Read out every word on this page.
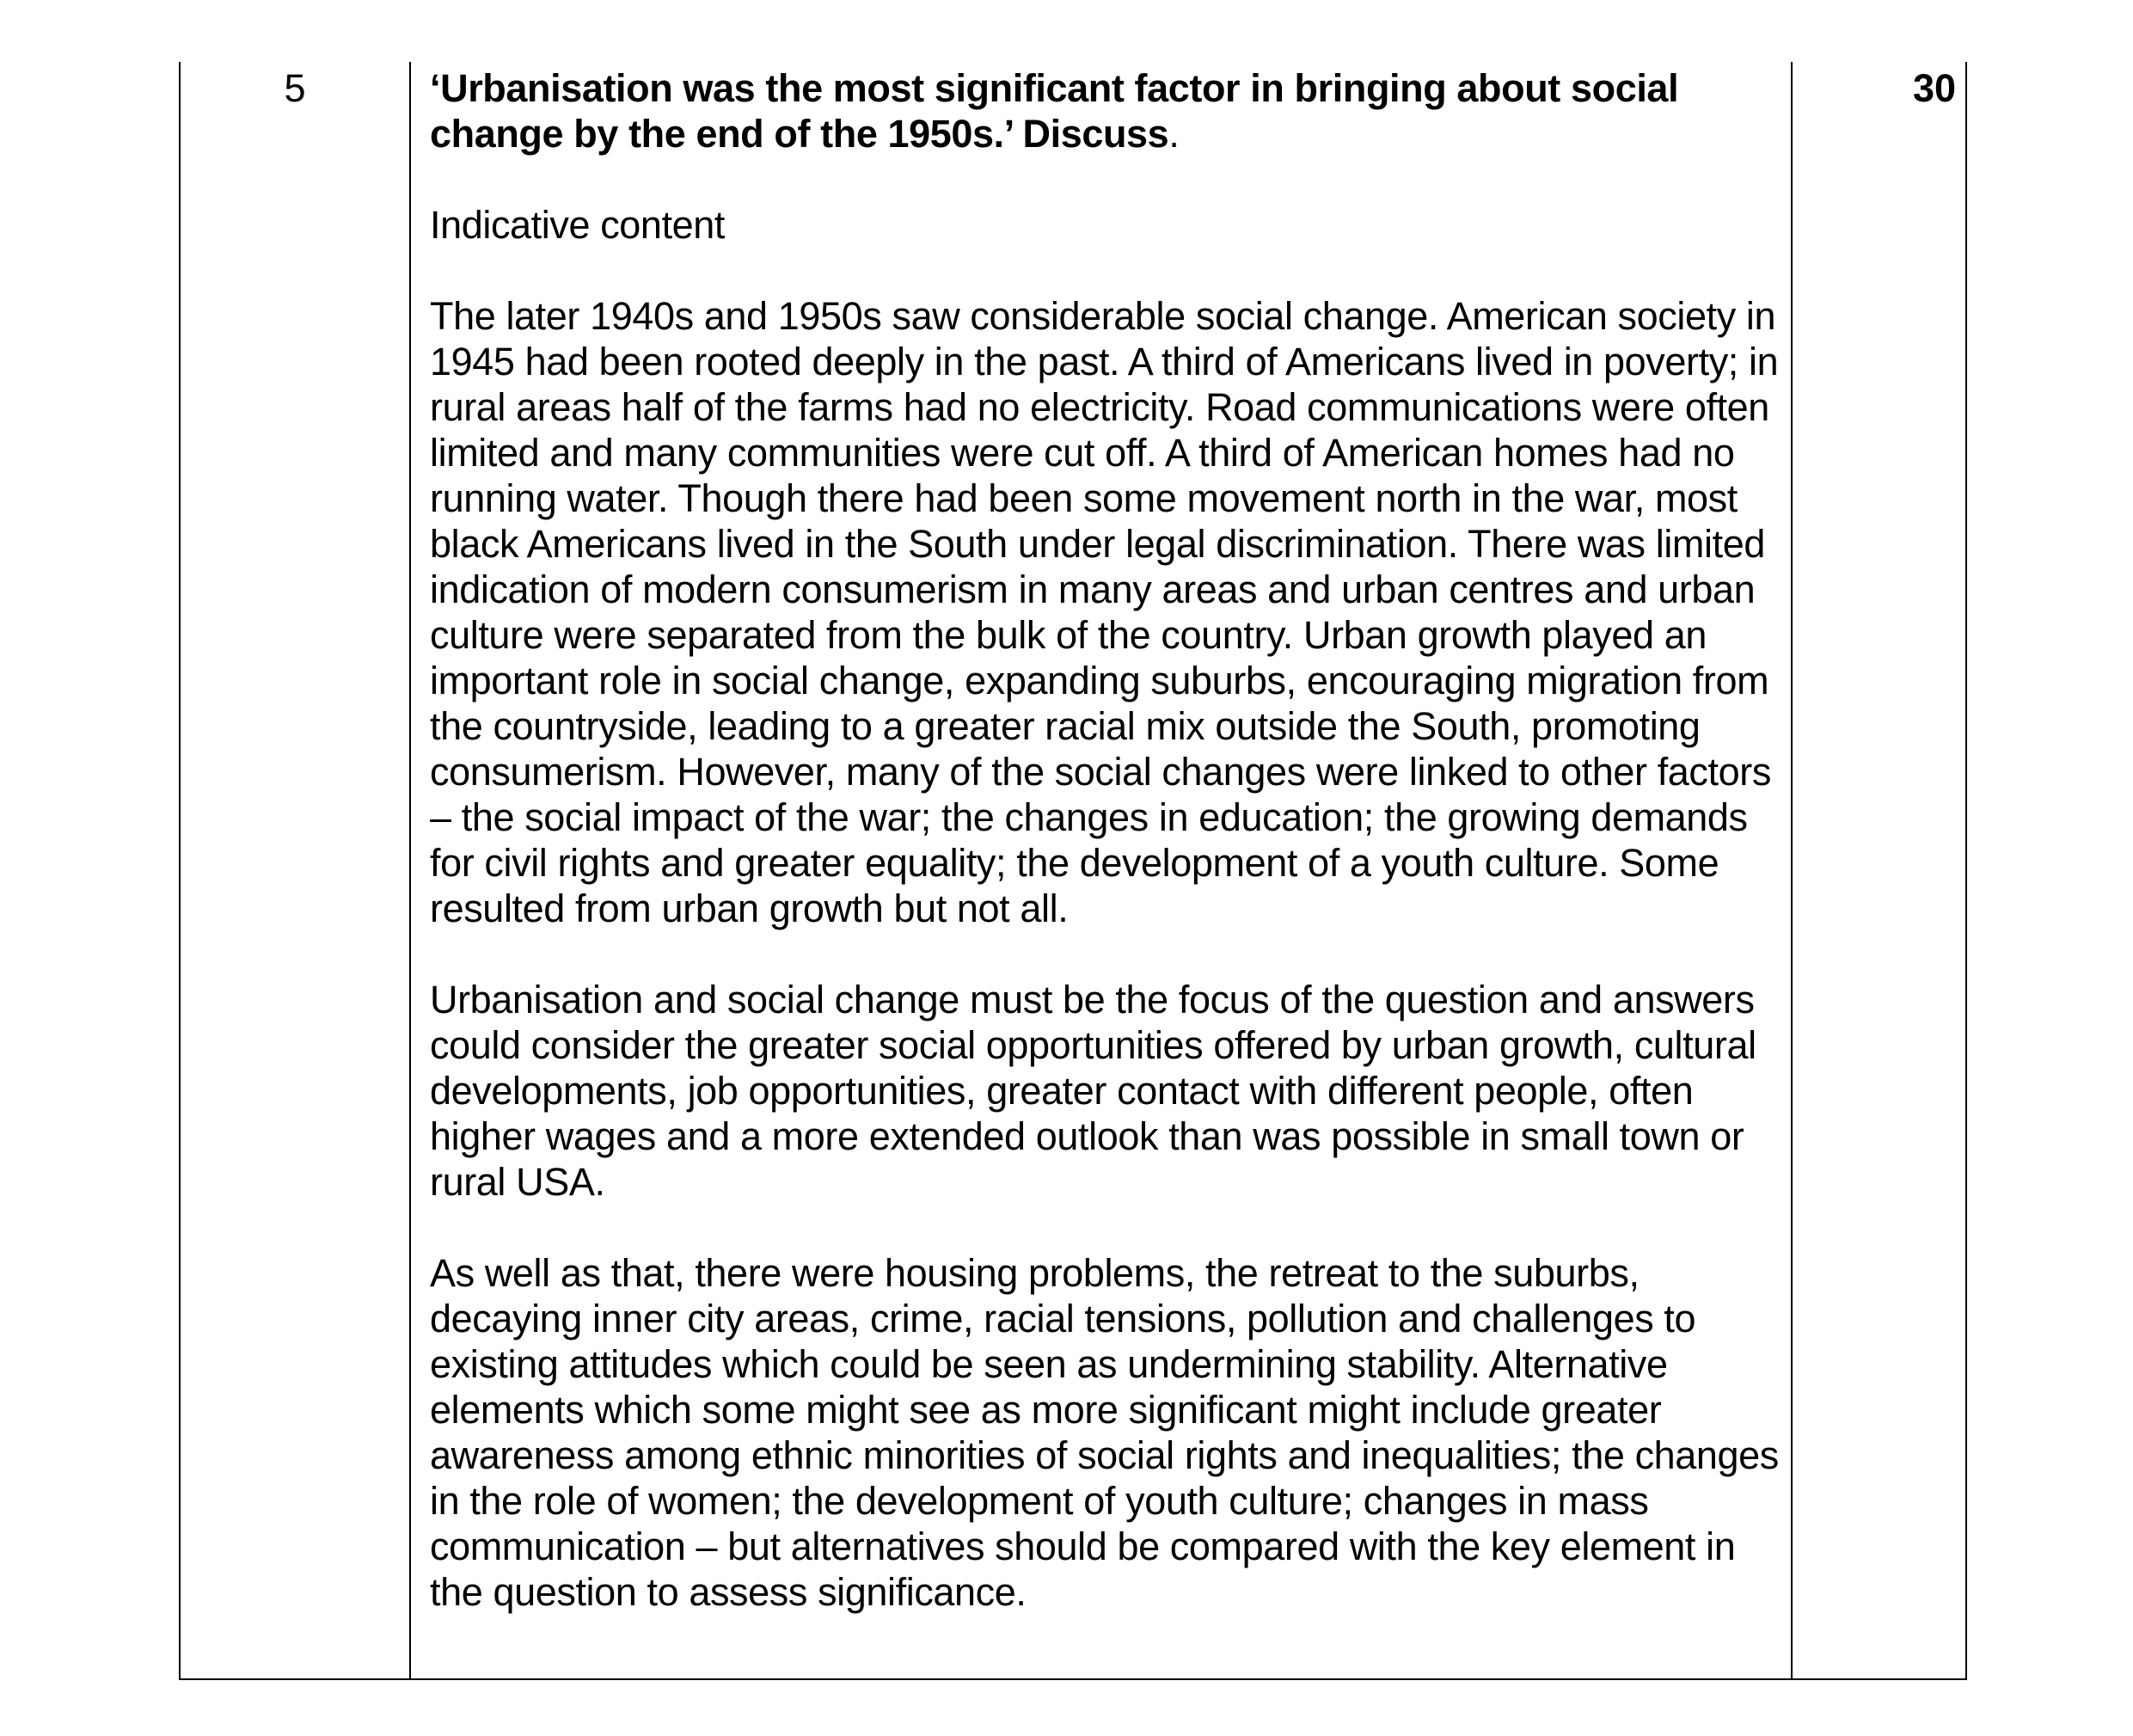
5	‘Urbanisation was the most significant factor in bringing about social change by the end of the 1950s.’ Discuss.

Indicative content

The later 1940s and 1950s saw considerable social change. American society in 1945 had been rooted deeply in the past. A third of Americans lived in poverty; in rural areas half of the farms had no electricity. Road communications were often limited and many communities were cut off. A third of American homes had no running water. Though there had been some movement north in the war, most black Americans lived in the South under legal discrimination. There was limited indication of modern consumerism in many areas and urban centres and urban culture were separated from the bulk of the country. Urban growth played an important role in social change, expanding suburbs, encouraging migration from the countryside, leading to a greater racial mix outside the South, promoting consumerism. However, many of the social changes were linked to other factors – the social impact of the war; the changes in education; the growing demands for civil rights and greater equality; the development of a youth culture. Some resulted from urban growth but not all.

Urbanisation and social change must be the focus of the question and answers could consider the greater social opportunities offered by urban growth, cultural developments, job opportunities, greater contact with different people, often higher wages and a more extended outlook than was possible in small town or rural USA.

As well as that, there were housing problems, the retreat to the suburbs, decaying inner city areas, crime, racial tensions, pollution and challenges to existing attitudes which could be seen as undermining stability. Alternative elements which some might see as more significant might include greater awareness among ethnic minorities of social rights and inequalities; the changes in the role of women; the development of youth culture; changes in mass communication – but alternatives should be compared with the key element in the question to assess significance.

30
